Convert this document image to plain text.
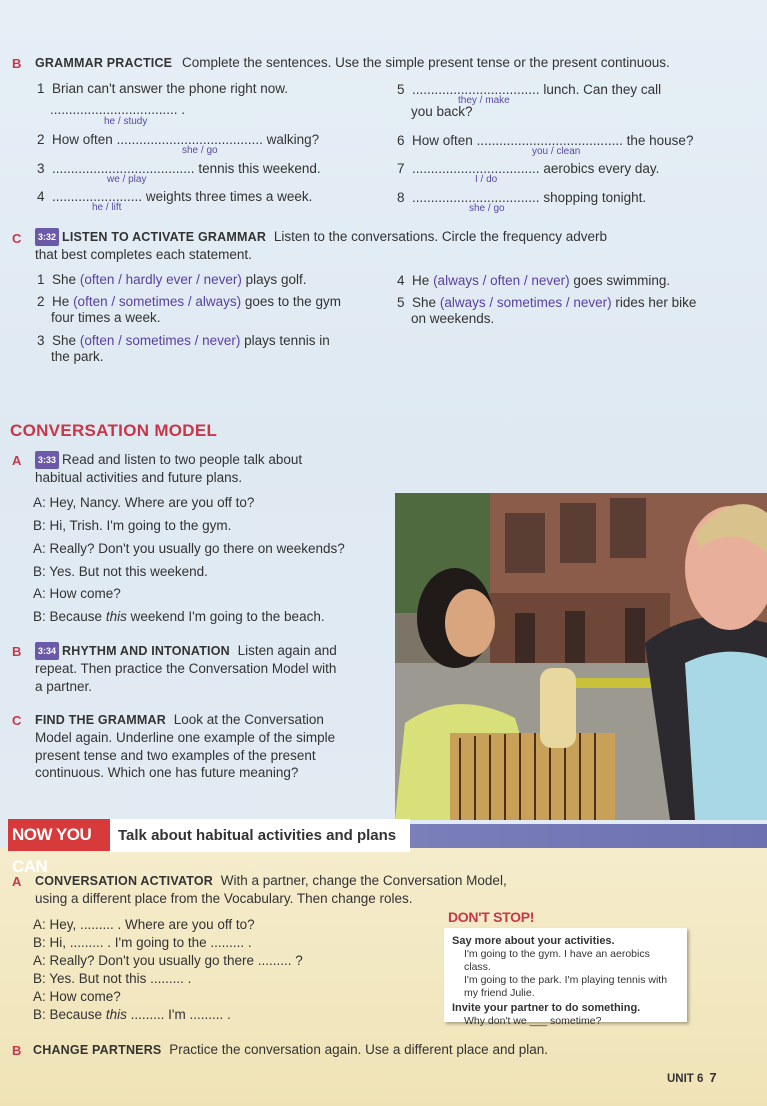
B GRAMMAR PRACTICE Complete the sentences. Use the simple present tense or the present continuous.
1 Brian can't answer the phone right now.
.................................. .
he / study
2 How often ....................................... walking?
she / go
3 ...................................... tennis this weekend.
we / play
4 ........................ weights three times a week.
he / lift
5 .................................. lunch. Can they call
they / make
you back?
6 How often ....................................... the house?
you / clean
7 .................................. aerobics every day.
I / do
8 .................................. shopping tonight.
she / go
C	3:32 LISTEN TO ACTIVATE GRAMMAR Listen to the conversations. Circle the frequency adverb
that best completes each statement.
1 She (often / hardly ever / never) plays golf.
2 He (often / sometimes / always) goes to the gym
four times a week.
3 She (often / sometimes / never) plays tennis in
the park.
4 He (always / often / never) goes swimming.
5 She (always / sometimes / never) rides her bike
on weekends.
CONVERSATION MODEL
A	3:33 Read and listen to two people talk about
habitual activities and future plans.
A: Hey, Nancy. Where are you off to?
B: Hi, Trish. I'm going to the gym.
A: Really? Don't you usually go there on weekends?
B: Yes. But not this weekend.
A: How come?
B: Because this weekend I'm going to the beach.
B	3:34 RHYTHM AND INTONATION Listen again and
repeat. Then practice the Conversation Model with
a partner.
C FIND THE GRAMMAR Look at the Conversation
Model again. Underline one example of the simple
present tense and two examples of the present
continuous. Which one has future meaning?
NOW YOU CAN
Talk about habitual activities and plans
A CONVERSATION ACTIVATOR With a partner, change the Conversation Model,
using a different place from the Vocabulary. Then change roles.
A: Hey, ......... . Where are you off to?
B: Hi, ......... . I'm going to the ......... .
A: Really? Don't you usually go there ......... ?
B: Yes. But not this ......... .
A: How come?
B: Because this ......... I'm ......... .
DON'T STOP!
Say more about your activities.
I'm going to the gym. I have an aerobics class.
I'm going to the park. I'm playing tennis with
my friend Julie.
Invite your partner to do something.
Why don't we ___ sometime?
B CHANGE PARTNERS Practice the conversation again. Use a different place and plan.
UNIT 6 7
